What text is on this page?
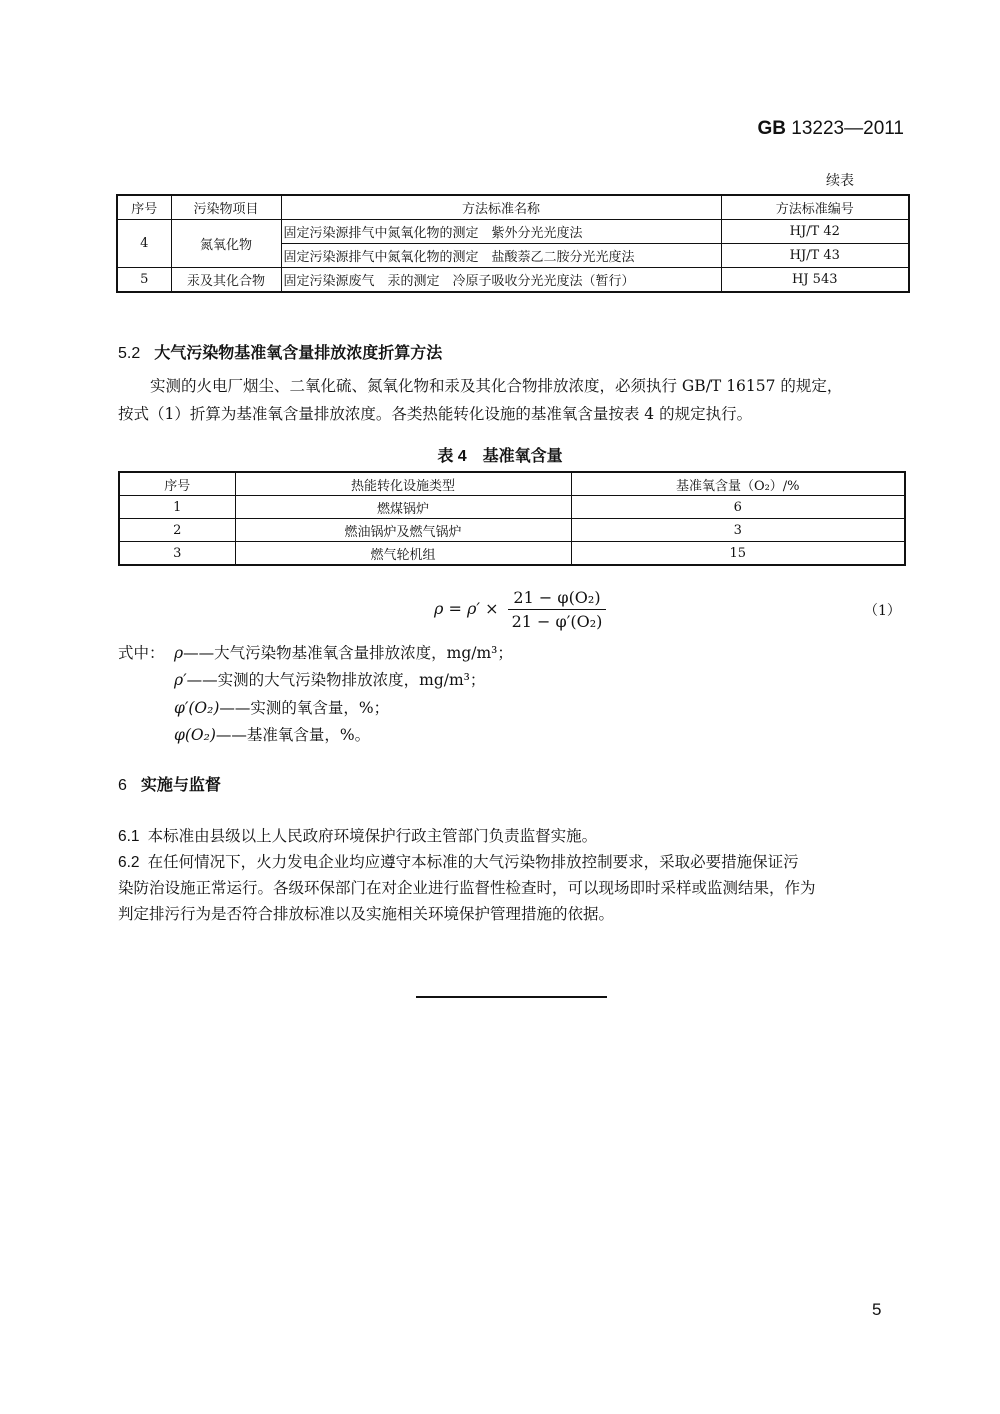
GB 13223—2011
续表
序号	污染物项目	方法标准名称	方法标准编号
4	氮氧化物	固定污染源排气中氮氧化物的测定　紫外分光光度法	HJ/T 42
		固定污染源排气中氮氧化物的测定　盐酸萘乙二胺分光光度法	HJ/T 43
5	汞及其化合物	固定污染源废气　汞的测定　冷原子吸收分光光度法（暂行）	HJ 543
5.2 大气污染物基准氧含量排放浓度折算方法
实测的火电厂烟尘、二氧化硫、氮氧化物和汞及其化合物排放浓度，必须执行 GB/T 16157 的规定，
按式（1）折算为基准氧含量排放浓度。各类热能转化设施的基准氧含量按表 4 的规定执行。
表 4　基准氧含量
序号	热能转化设施类型	基准氧含量（O₂）/%
1	燃煤锅炉	6
2	燃油锅炉及燃气锅炉	3
3	燃气轮机组	15
$\rho = \rho' \times \frac{\text{21 − φ(O₂)}}{\text{21 − φ′(O₂)}}$	（1）
式中： ρ——大气污染物基准氧含量排放浓度，mg/m³；
ρ′——实测的大气污染物排放浓度，mg/m³；
φ′(O₂)——实测的氧含量，%；
φ(O₂)——基准氧含量，%。
6 实施与监督
6.1 本标准由县级以上人民政府环境保护行政主管部门负责监督实施。
6.2 在任何情况下，火力发电企业均应遵守本标准的大气污染物排放控制要求，采取必要措施保证污
染防治设施正常运行。各级环保部门在对企业进行监督性检查时，可以现场即时采样或监测结果，作为
判定排污行为是否符合排放标准以及实施相关环境保护管理措施的依据。
5
